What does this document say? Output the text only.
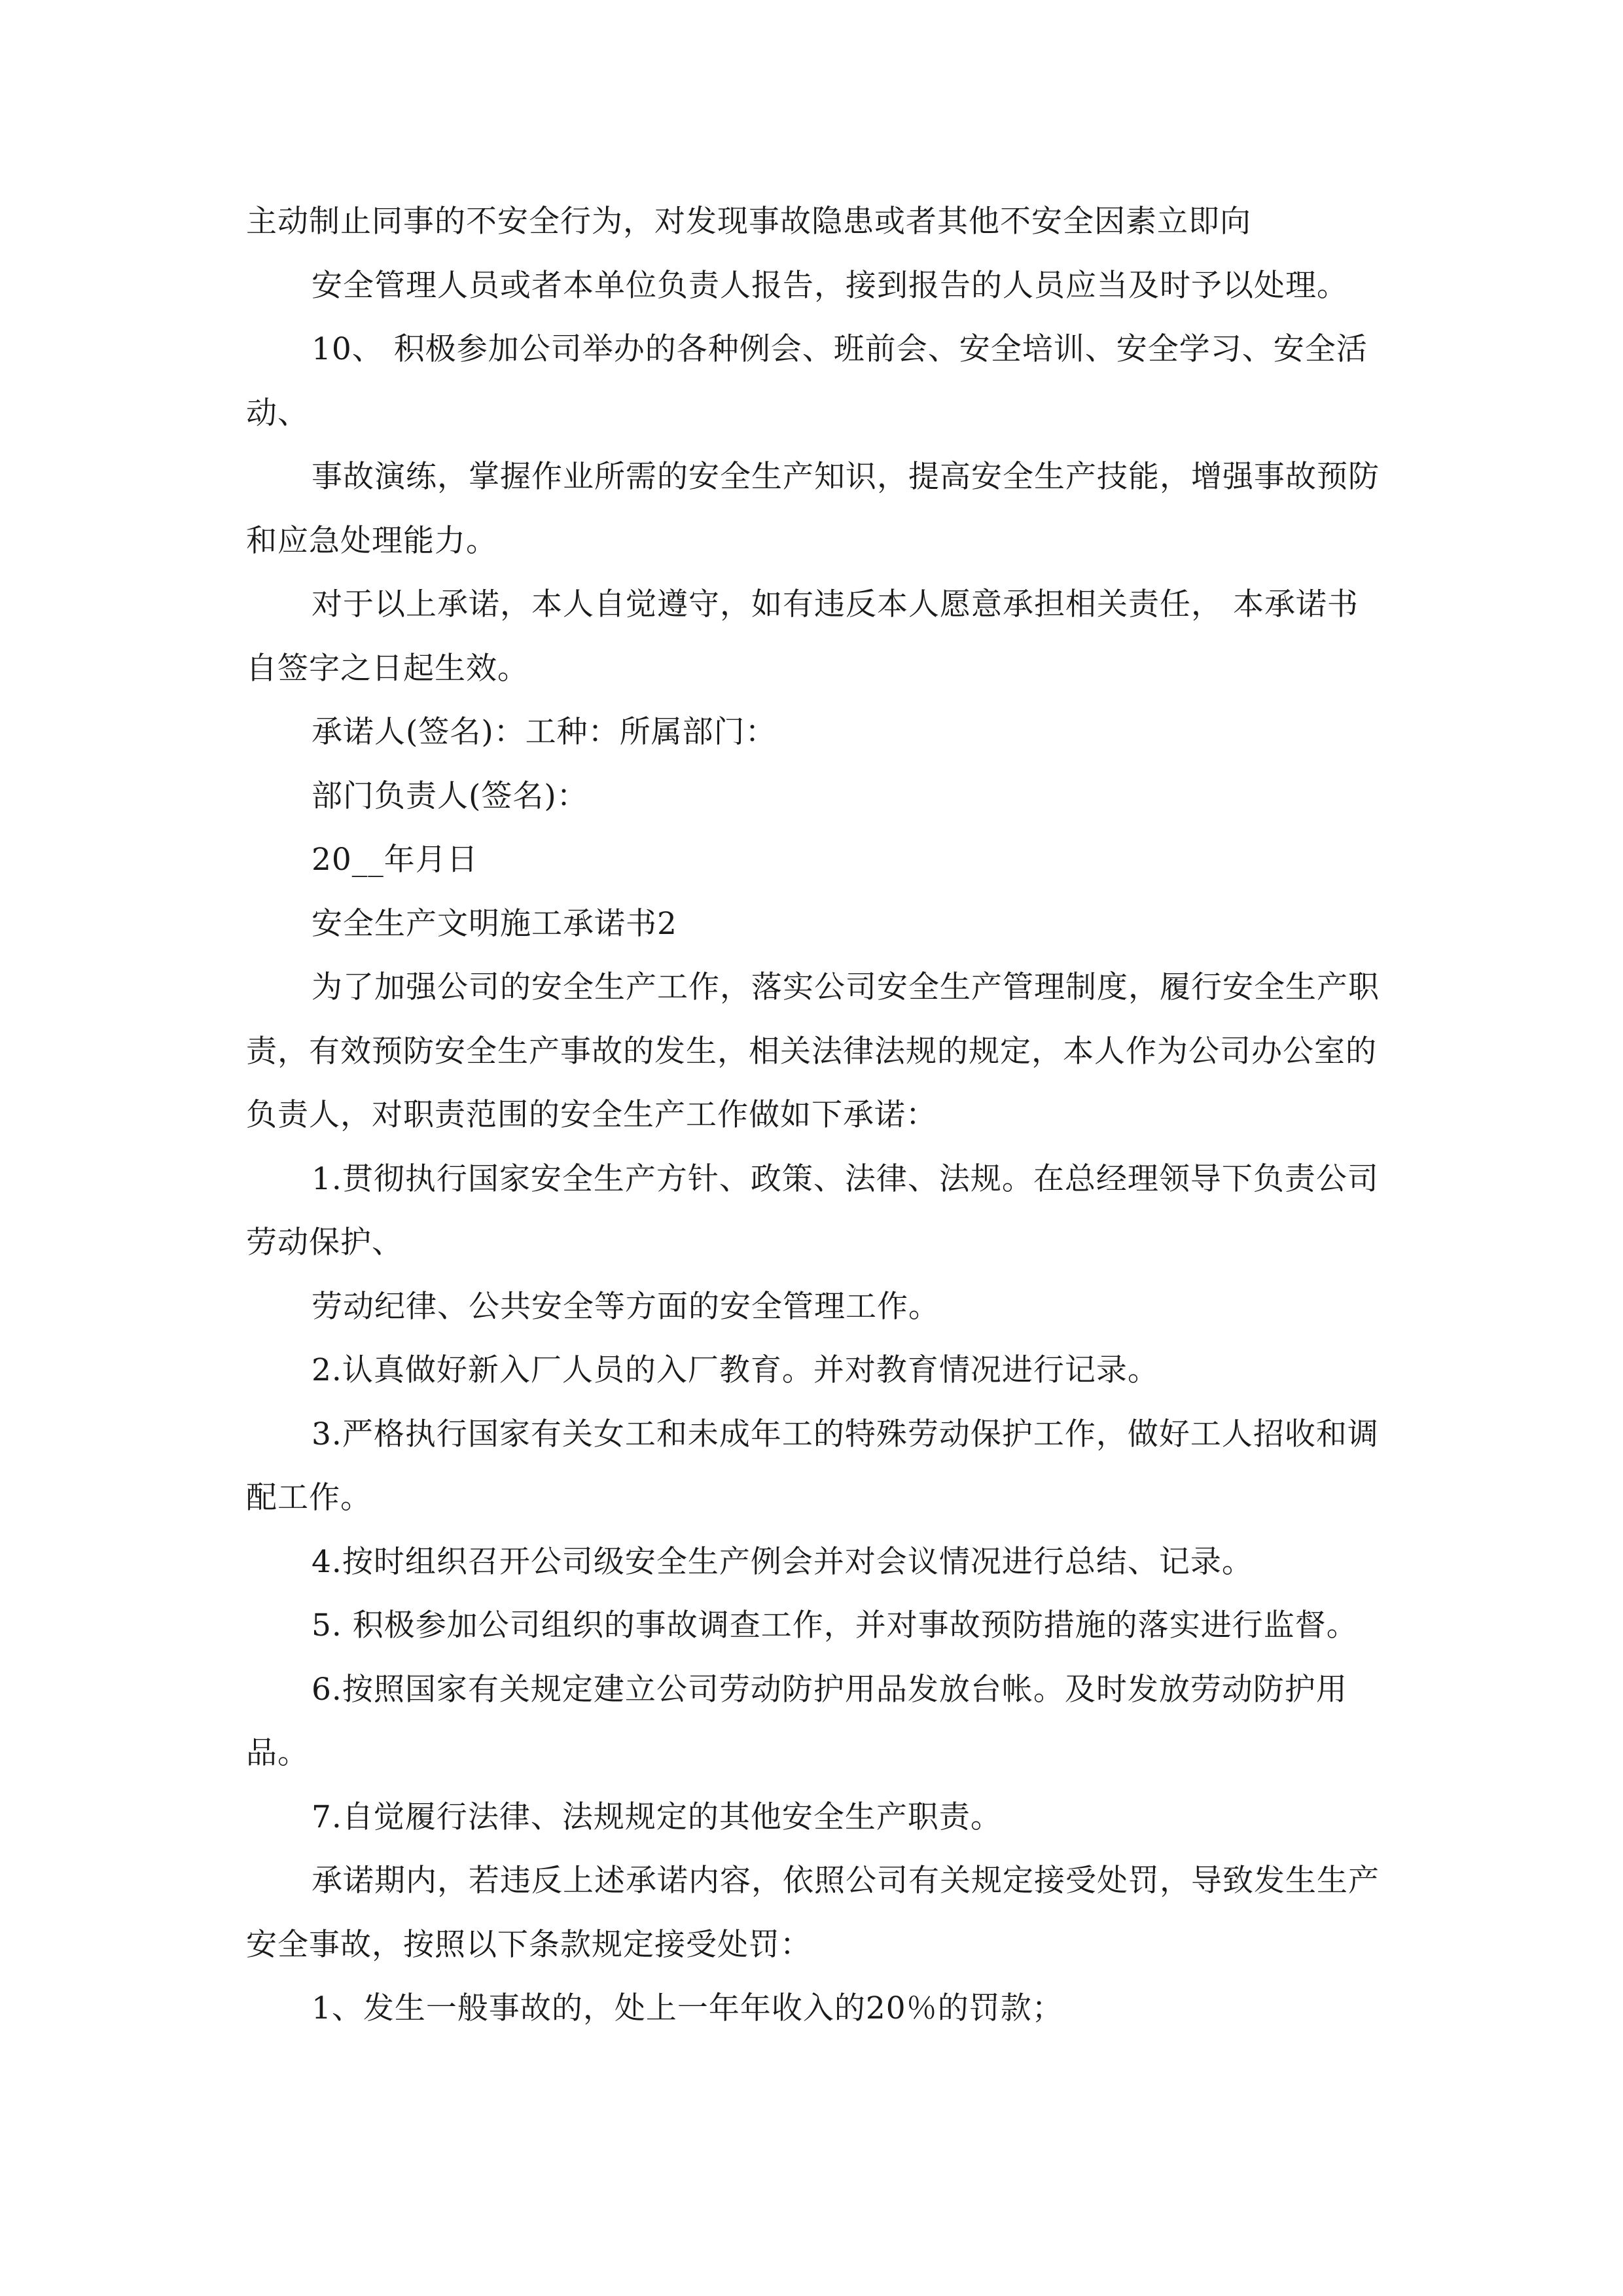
主动制止同事的不安全行为，对发现事故隐患或者其他不安全因素立即向

安全管理人员或者本单位负责人报告，接到报告的人员应当及时予以处理。

10、 积极参加公司举办的各种例会、班前会、安全培训、安全学习、安全活动、

事故演练，掌握作业所需的安全生产知识，提高安全生产技能，增强事故预防和应急处理能力。

对于以上承诺，本人自觉遵守，如有违反本人愿意承担相关责任， 本承诺书自签字之日起生效。

承诺人(签名)：工种：所属部门：

部门负责人(签名)：

20__年月日

安全生产文明施工承诺书2

为了加强公司的安全生产工作，落实公司安全生产管理制度，履行安全生产职责，有效预防安全生产事故的发生，相关法律法规的规定，本人作为公司办公室的负责人，对职责范围的安全生产工作做如下承诺：

1.贯彻执行国家安全生产方针、政策、法律、法规。在总经理领导下负责公司劳动保护、

劳动纪律、公共安全等方面的安全管理工作。

2.认真做好新入厂人员的入厂教育。并对教育情况进行记录。

3.严格执行国家有关女工和未成年工的特殊劳动保护工作，做好工人招收和调配工作。

4.按时组织召开公司级安全生产例会并对会议情况进行总结、记录。

5. 积极参加公司组织的事故调查工作，并对事故预防措施的落实进行监督。

6.按照国家有关规定建立公司劳动防护用品发放台帐。及时发放劳动防护用品。

7.自觉履行法律、法规规定的其他安全生产职责。

承诺期内，若违反上述承诺内容，依照公司有关规定接受处罚，导致发生生产安全事故，按照以下条款规定接受处罚：

1、发生一般事故的，处上一年年收入的20％的罚款；
